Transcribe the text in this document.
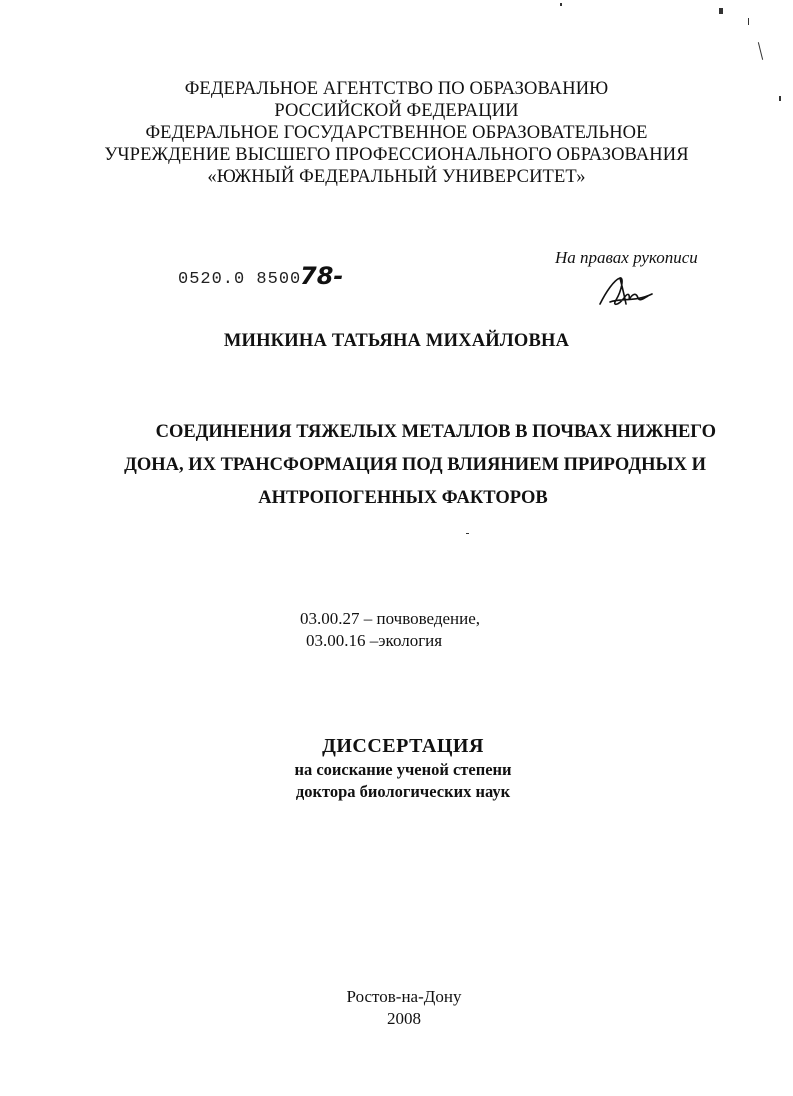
ФЕДЕРАЛЬНОЕ АГЕНТСТВО ПО ОБРАЗОВАНИЮ
РОССИЙСКОЙ ФЕДЕРАЦИИ
ФЕДЕРАЛЬНОЕ ГОСУДАРСТВЕННОЕ ОБРАЗОВАТЕЛЬНОЕ
УЧРЕЖДЕНИЕ ВЫСШЕГО ПРОФЕССИОНАЛЬНОГО ОБРАЗОВАНИЯ
«ЮЖНЫЙ ФЕДЕРАЛЬНЫЙ УНИВЕРСИТЕТ»
На правах рукописи
0520.0 8500
78-
МИНКИНА ТАТЬЯНА МИХАЙЛОВНА
СОЕДИНЕНИЯ ТЯЖЕЛЫХ МЕТАЛЛОВ В ПОЧВАХ НИЖНЕГО
ДОНА, ИХ ТРАНСФОРМАЦИЯ ПОД ВЛИЯНИЕМ ПРИРОДНЫХ И
АНТРОПОГЕННЫХ ФАКТОРОВ
03.00.27 – почвоведение,
03.00.16 –экология
ДИССЕРТАЦИЯ
на соискание ученой степени
доктора биологических наук
Ростов-на-Дону
2008
